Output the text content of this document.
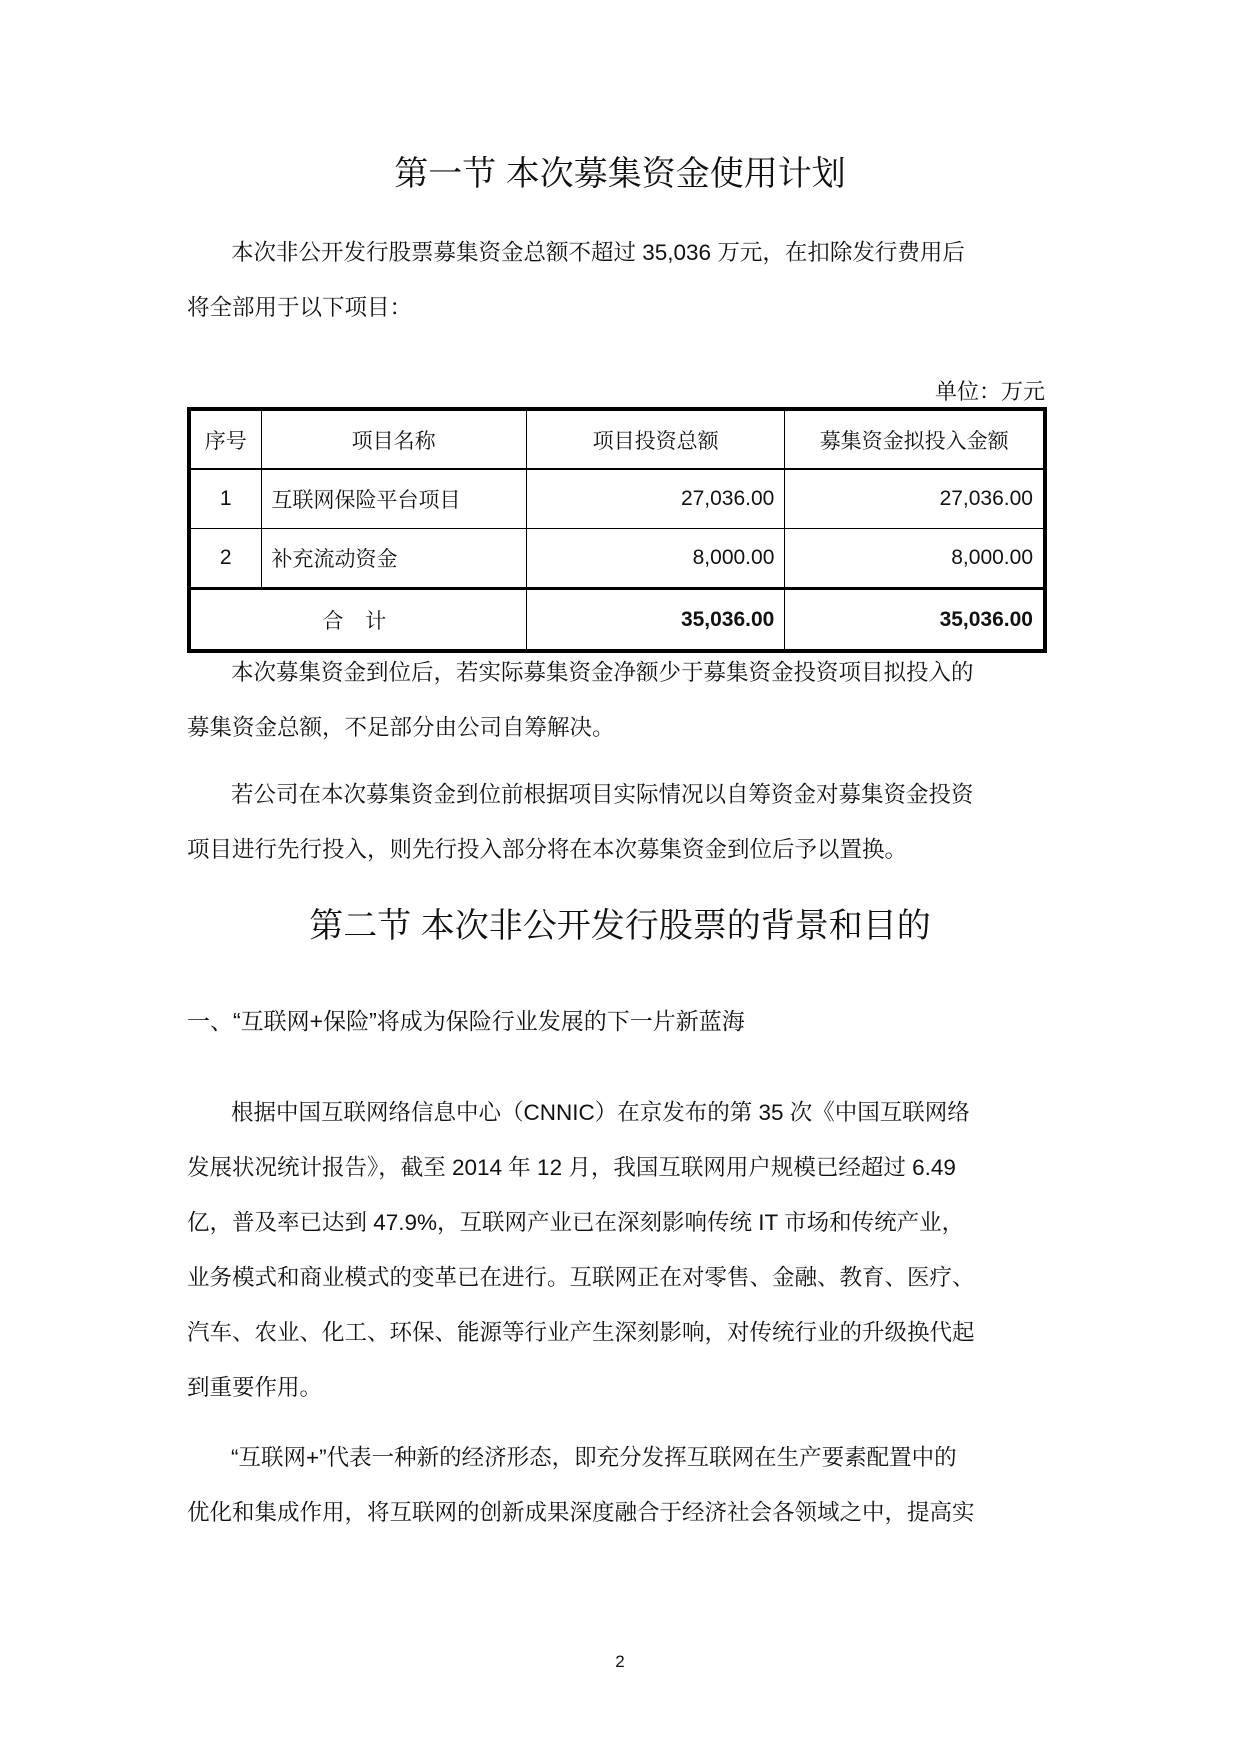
第一节 本次募集资金使用计划
本次非公开发行股票募集资金总额不超过 35,036 万元，在扣除发行费用后
将全部用于以下项目：
单位：万元
序号	项目名称	项目投资总额	募集资金拟投入金额
1	互联网保险平台项目	27,036.00	27,036.00
2	补充流动资金	8,000.00	8,000.00
合 计		35,036.00	35,036.00
本次募集资金到位后，若实际募集资金净额少于募集资金投资项目拟投入的
募集资金总额，不足部分由公司自筹解决。
若公司在本次募集资金到位前根据项目实际情况以自筹资金对募集资金投资
项目进行先行投入，则先行投入部分将在本次募集资金到位后予以置换。
第二节 本次非公开发行股票的背景和目的
一、“互联网+保险”将成为保险行业发展的下一片新蓝海
根据中国互联网络信息中心（CNNIC）在京发布的第 35 次《中国互联网络
发展状况统计报告》，截至 2014 年 12 月，我国互联网用户规模已经超过 6.49
亿，普及率已达到 47.9%，互联网产业已在深刻影响传统 IT 市场和传统产业，
业务模式和商业模式的变革已在进行。互联网正在对零售、金融、教育、医疗、
汽车、农业、化工、环保、能源等行业产生深刻影响，对传统行业的升级换代起
到重要作用。
“互联网+”代表一种新的经济形态，即充分发挥互联网在生产要素配置中的
优化和集成作用，将互联网的创新成果深度融合于经济社会各领域之中，提高实
2
